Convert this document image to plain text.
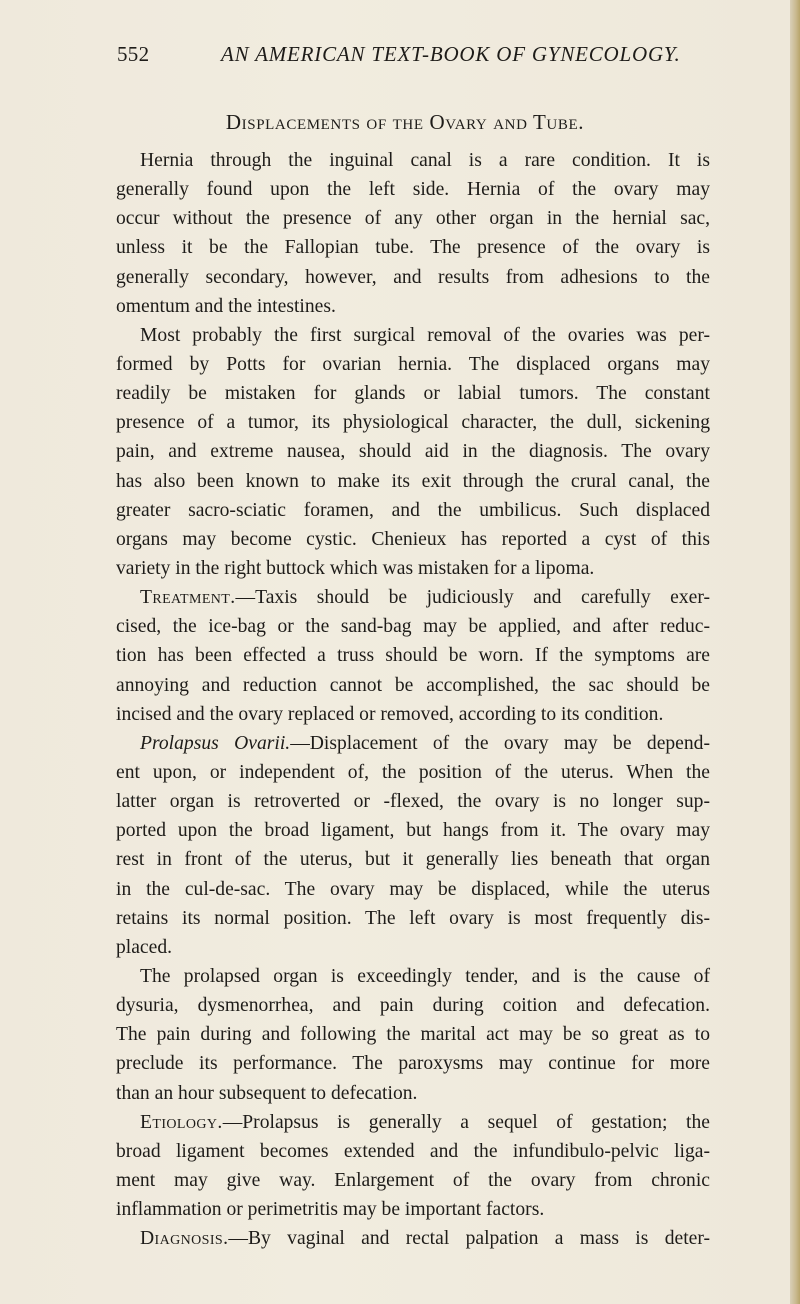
552	AN AMERICAN TEXT-BOOK OF GYNECOLOGY.
Displacements of the Ovary and Tube.
Hernia through the inguinal canal is a rare condition. It is
generally found upon the left side. Hernia of the ovary may
occur without the presence of any other organ in the hernial sac,
unless it be the Fallopian tube. The presence of the ovary is
generally secondary, however, and results from adhesions to the
omentum and the intestines.
Most probably the first surgical removal of the ovaries was per-
formed by Potts for ovarian hernia. The displaced organs may
readily be mistaken for glands or labial tumors. The constant
presence of a tumor, its physiological character, the dull, sickening
pain, and extreme nausea, should aid in the diagnosis. The ovary
has also been known to make its exit through the crural canal, the
greater sacro-sciatic foramen, and the umbilicus. Such displaced
organs may become cystic. Chenieux has reported a cyst of this
variety in the right buttock which was mistaken for a lipoma.
Treatment.—Taxis should be judiciously and carefully exer-
cised, the ice-bag or the sand-bag may be applied, and after reduc-
tion has been effected a truss should be worn. If the symptoms are
annoying and reduction cannot be accomplished, the sac should be
incised and the ovary replaced or removed, according to its condition.
Prolapsus Ovarii.—Displacement of the ovary may be depend-
ent upon, or independent of, the position of the uterus. When the
latter organ is retroverted or -flexed, the ovary is no longer sup-
ported upon the broad ligament, but hangs from it. The ovary may
rest in front of the uterus, but it generally lies beneath that organ
in the cul-de-sac. The ovary may be displaced, while the uterus
retains its normal position. The left ovary is most frequently dis-
placed.
The prolapsed organ is exceedingly tender, and is the cause of
dysuria, dysmenorrhea, and pain during coition and defecation.
The pain during and following the marital act may be so great as to
preclude its performance. The paroxysms may continue for more
than an hour subsequent to defecation.
Etiology.—Prolapsus is generally a sequel of gestation; the
broad ligament becomes extended and the infundibulo-pelvic liga-
ment may give way. Enlargement of the ovary from chronic
inflammation or perimetritis may be important factors.
Diagnosis.—By vaginal and rectal palpation a mass is deter-
